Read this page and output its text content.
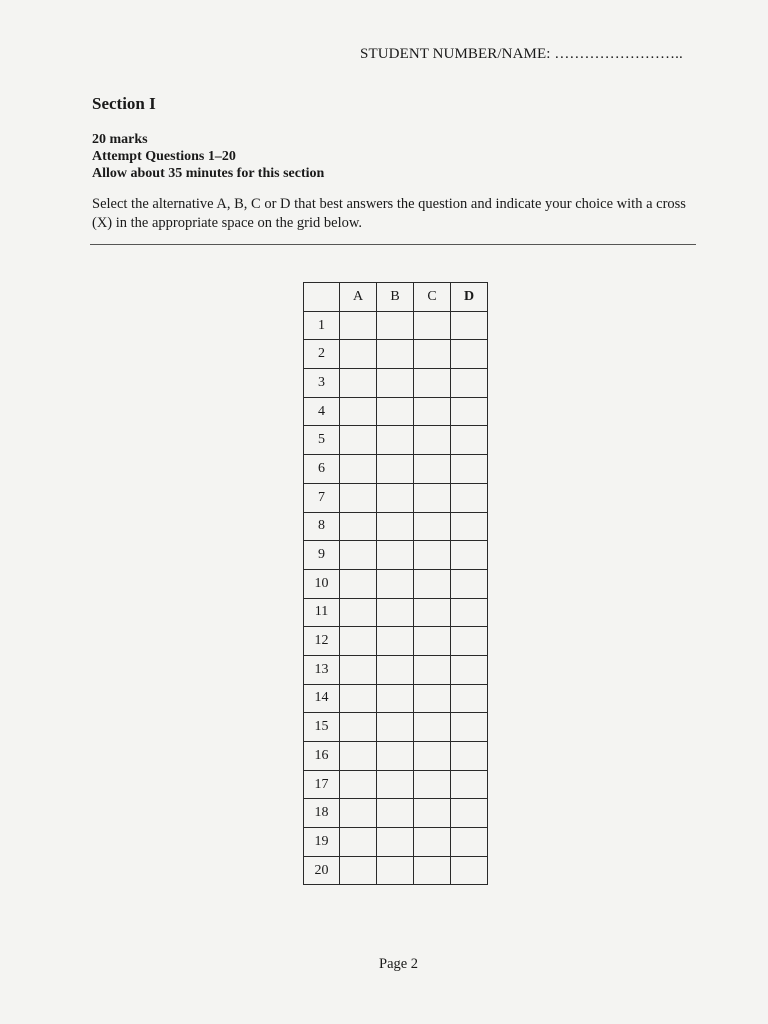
STUDENT NUMBER/NAME: ……………………..
Section I
20 marks
Attempt Questions 1–20
Allow about 35 minutes for this section

Select the alternative A, B, C or D that best answers the question and indicate your choice with a cross (X) in the appropriate space on the grid below.

	A	B	C	D
1				
2				
3				
4				
5				
6				
7				
8				
9				
10				
11				
12				
13				
14				
15				
16				
17				
18				
19				
20				
Page 2
